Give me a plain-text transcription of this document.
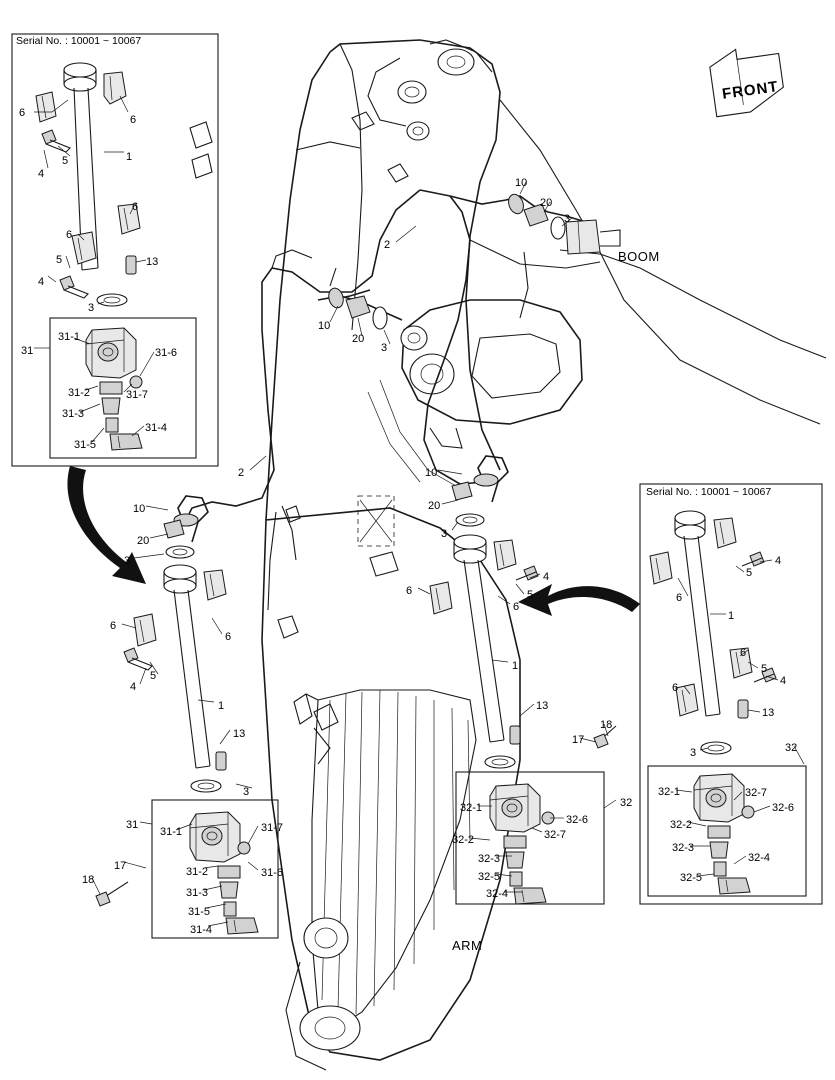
Serial No. : 10001 ~ 10067
Serial No. : 10001 ~ 10067
BOOM
ARM
FRONT
6
6
5
4
1
6
6
5	13
4
3
31
31-1
31-6
31-2	31-7
31-3
31-4
31-5
10
20
3
2
10
20
3
2
10
20
3
6
6
5
4
1
13
3
31
31-1	31-7
31-2	31-6
31-3
31-5
31-4
17
18
10
20
3
4
6
6
5
1
13
17
18
32
32-1
32-6
32-2	32-7
32-3
32-5
32-4
4
5
6
1
6
5
4
6
13
3	32
32-1	32-7
32-6
32-2
32-3
32-4
32-5
